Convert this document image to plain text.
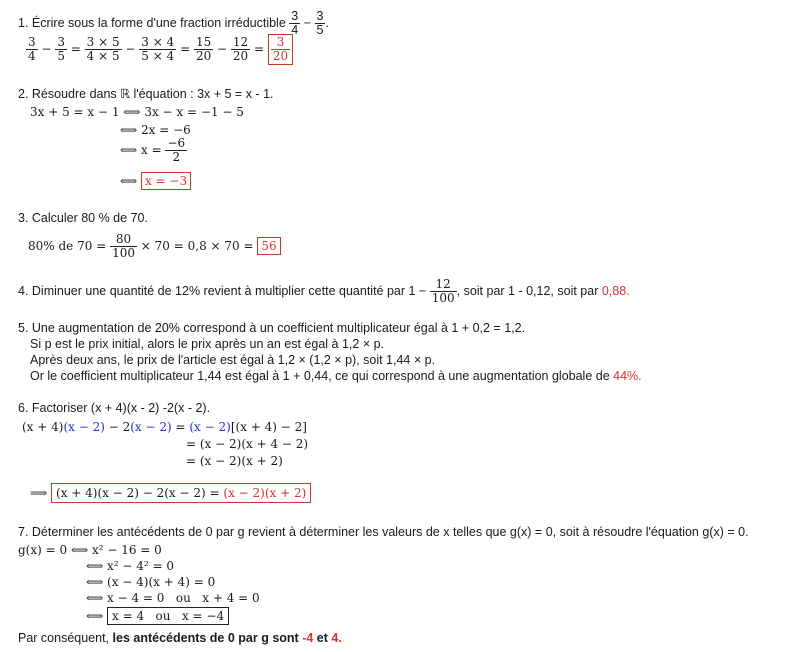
1. Écrire sous la forme d'une fraction irréductible $\frac{3}{4} - \frac{3}{5}$ .
$\frac{3}{4} - \frac{3}{5} = \frac{3 \times 5}{4 \times 5} - \frac{3 \times 4}{5 \times 4} = \frac{15}{20} - \frac{12}{20} = \frac{3}{20}$
2. Résoudre dans ℝ l'équation : 3x + 5 = x - 1.
3x + 5 = x − 1 ⟺ 3x − x = −1 − 5
⟺ 2x = −6
⟺ $x = \frac{-6}{2}$
⟺ x = −3
3. Calculer 80 % de 70.
80% de $70 = \frac{80}{100} \times 70 = 0,8 \times 70 = 56$
4. Diminuer une quantité de 12% revient à multiplier cette quantité par $1 - \frac{12}{100}$ , soit par 1 - 0,12, soit par 0,88.
5. Une augmentation de 20% correspond à un coefficient multiplicateur égal à 1 + 0,2 = 1,2.
Si p est le prix initial, alors le prix après un an est égal à 1,2 × p.
Après deux ans, le prix de l'article est égal à 1,2 × (1,2 × p), soit 1,44 × p.
Or le coefficient multiplicateur 1,44 est égal à 1 + 0,44, ce qui correspond à une augmentation globale de 44%.
6. Factoriser (x + 4)(x - 2) -2(x - 2).
(x + 4)(x − 2) − 2(x − 2) = (x − 2)[(x + 4) − 2]
= (x − 2)(x + 4 − 2)
= (x − 2)(x + 2)
⟹ (x + 4)(x − 2) − 2(x − 2) = (x − 2)(x + 2)
7. Déterminer les antécédents de 0 par g revient à déterminer les valeurs de x telles que g(x) = 0, soit à résoudre l'équation g(x) = 0.
g(x) = 0 ⟺ x² − 16 = 0
⟺ x² − 4² = 0
⟺ (x − 4)(x + 4) = 0
⟺ x − 4 = 0   ou   x + 4 = 0
⟺ x = 4   ou   x = −4
Par conséquent, les antécédents de 0 par g sont -4 et 4.
